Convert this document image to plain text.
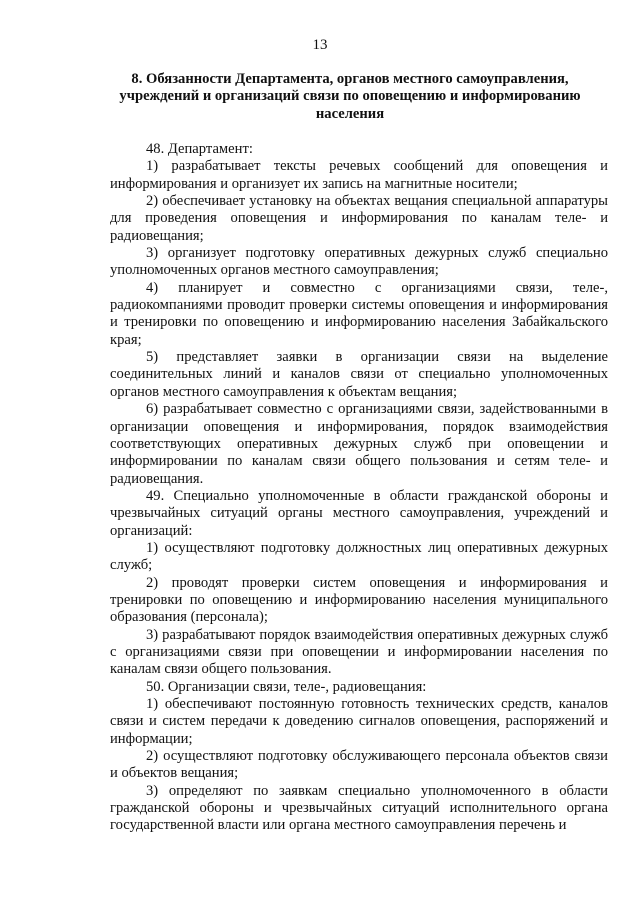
13
8. Обязанности Департамента, органов местного самоуправления, учреждений и организаций связи по оповещению и информированию населения

48. Департамент:

1) разрабатывает тексты речевых сообщений для оповещения и информирования и организует их запись на магнитные носители;

2) обеспечивает установку на объектах вещания специальной аппаратуры для проведения оповещения и информирования по каналам теле- и радиовещания;

3) организует подготовку оперативных дежурных служб специально уполномоченных органов местного самоуправления;

4) планирует и совместно с организациями связи, теле-, радиокомпаниями проводит проверки системы оповещения и информирования и тренировки по оповещению и информированию населения Забайкальского края;

5) представляет заявки в организации связи на выделение соединительных линий и каналов связи от специально уполномоченных органов местного самоуправления к объектам вещания;

6) разрабатывает совместно с организациями связи, задействованными в организации оповещения и информирования, порядок взаимодействия соответствующих оперативных дежурных служб при оповещении и информировании по каналам связи общего пользования и сетям теле- и радиовещания.

49. Специально уполномоченные в области гражданской обороны и чрезвычайных ситуаций органы местного самоуправления, учреждений и организаций:

1) осуществляют подготовку должностных лиц оперативных дежурных служб;

2) проводят проверки систем оповещения и информирования и тренировки по оповещению и информированию населения муниципального образования (персонала);

3) разрабатывают порядок взаимодействия оперативных дежурных служб с организациями связи при оповещении и информировании населения по каналам связи общего пользования.

50. Организации связи, теле-, радиовещания:

1) обеспечивают постоянную готовность технических средств, каналов связи и систем передачи к доведению сигналов оповещения, распоряжений и информации;

2) осуществляют подготовку обслуживающего персонала объектов связи и объектов вещания;

3) определяют по заявкам специально уполномоченного в области гражданской обороны и чрезвычайных ситуаций исполнительного органа государственной власти или органа местного самоуправления перечень и
